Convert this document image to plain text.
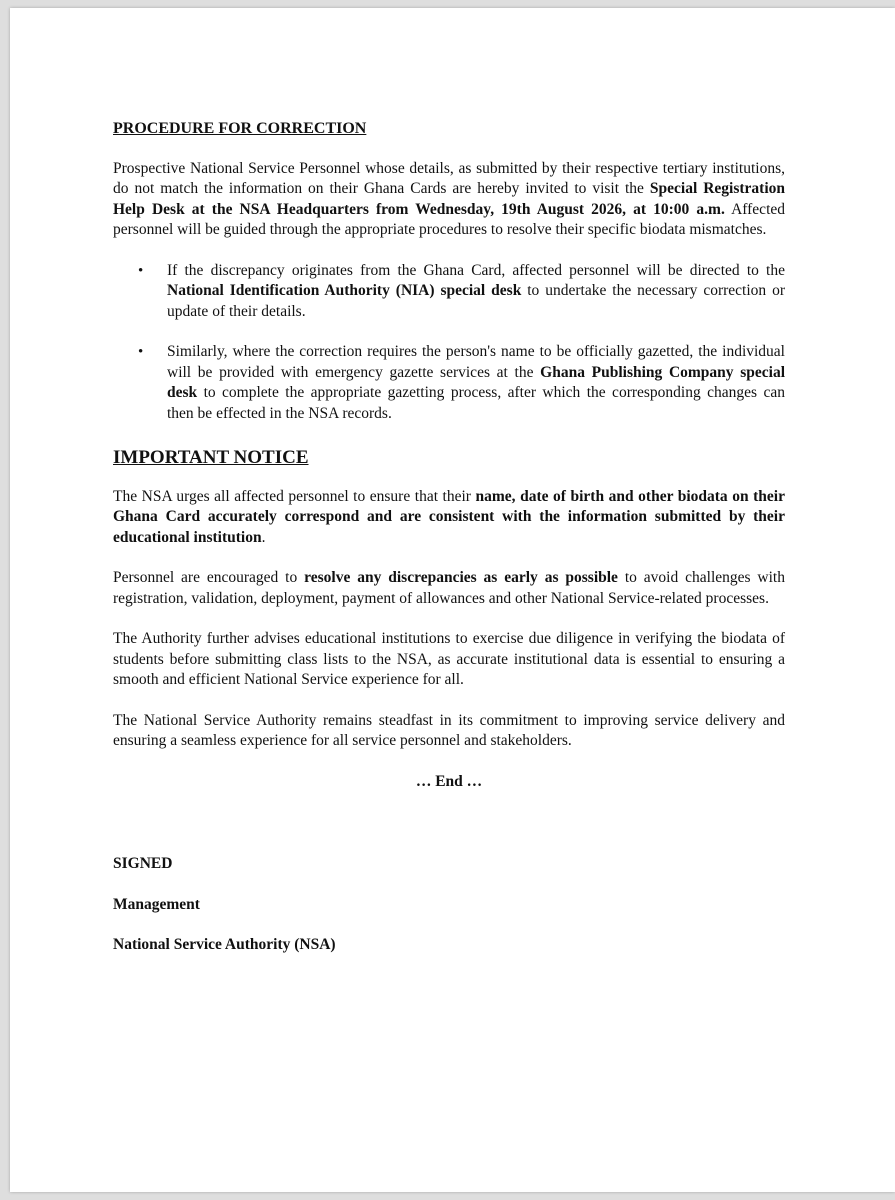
PROCEDURE FOR CORRECTION

Prospective National Service Personnel whose details, as submitted by their respective tertiary institutions, do not match the information on their Ghana Cards are hereby invited to visit the Special Registration Help Desk at the NSA Headquarters from Wednesday, 19th August 2026, at 10:00 a.m. Affected personnel will be guided through the appropriate procedures to resolve their specific biodata mismatches.

• If the discrepancy originates from the Ghana Card, affected personnel will be directed to the National Identification Authority (NIA) special desk to undertake the necessary correction or update of their details.
• Similarly, where the correction requires the person's name to be officially gazetted, the individual will be provided with emergency gazette services at the Ghana Publishing Company special desk to complete the appropriate gazetting process, after which the corresponding changes can then be effected in the NSA records.
IMPORTANT NOTICE

The NSA urges all affected personnel to ensure that their name, date of birth and other biodata on their Ghana Card accurately correspond and are consistent with the information submitted by their educational institution.

Personnel are encouraged to resolve any discrepancies as early as possible to avoid challenges with registration, validation, deployment, payment of allowances and other National Service-related processes.

The Authority further advises educational institutions to exercise due diligence in verifying the biodata of students before submitting class lists to the NSA, as accurate institutional data is essential to ensuring a smooth and efficient National Service experience for all.

The National Service Authority remains steadfast in its commitment to improving service delivery and ensuring a seamless experience for all service personnel and stakeholders.

… End …
SIGNED
Management
National Service Authority (NSA)
